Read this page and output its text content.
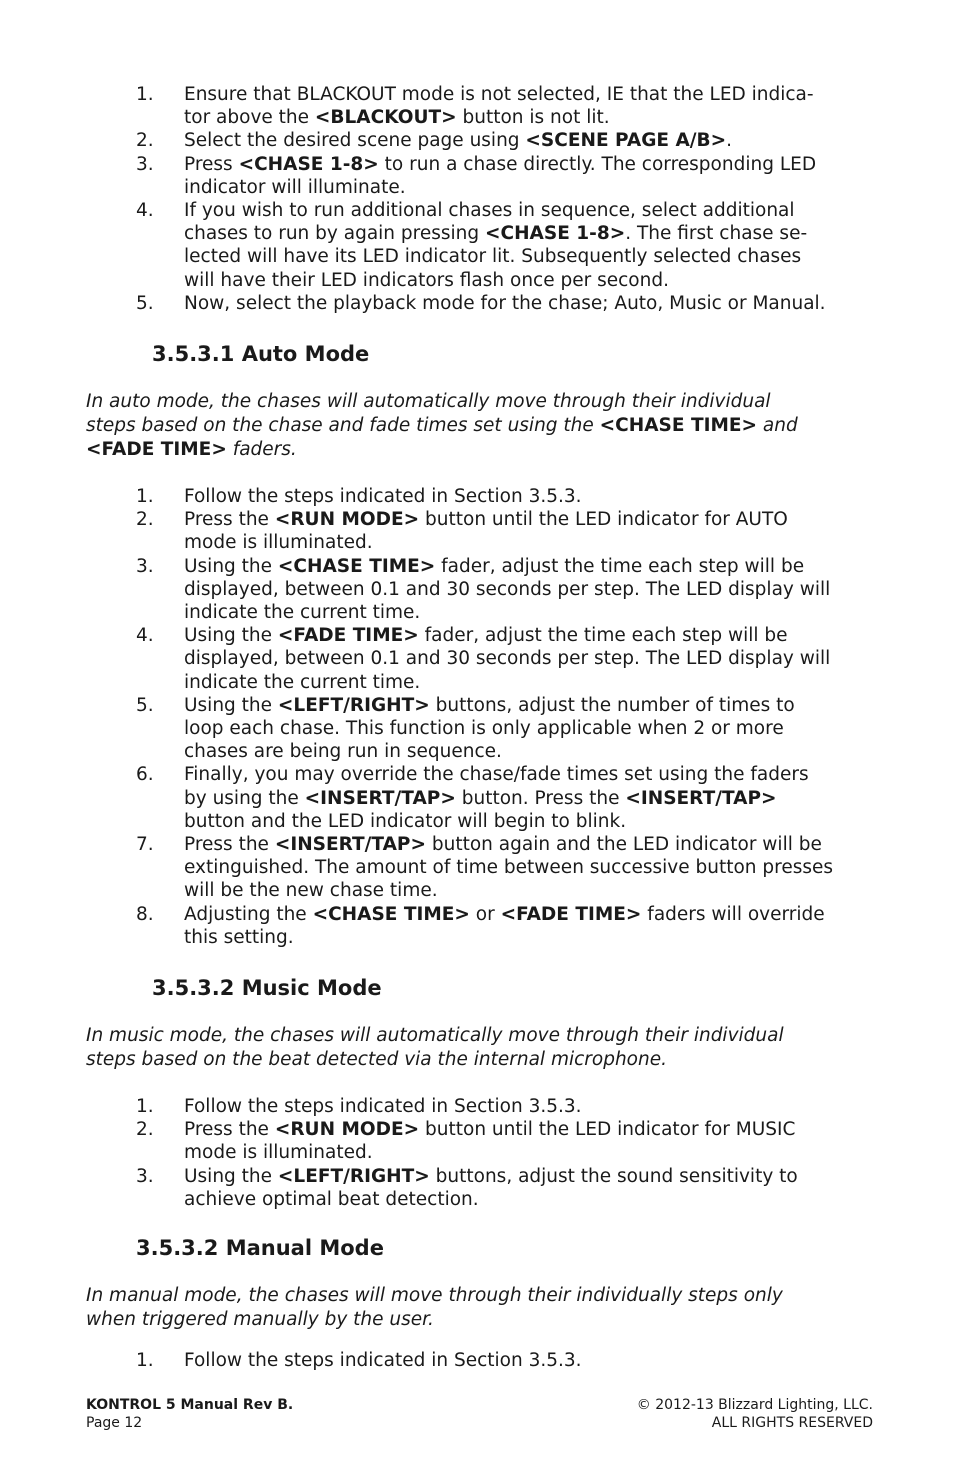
1.	Ensure that BLACKOUT mode is not selected, IE that the LED indica-
tor above the <BLACKOUT> button is not lit.
2.	Select the desired scene page using <SCENE PAGE A/B>.
3.	Press <CHASE 1-8> to run a chase directly. The corresponding LED
indicator will illuminate.
4.	If you wish to run additional chases in sequence, select additional
chases to run by again pressing <CHASE 1-8>. The first chase se-
lected will have its LED indicator lit. Subsequently selected chases
will have their LED indicators flash once per second.
5.	Now, select the playback mode for the chase; Auto, Music or Manual.
3.5.3.1 Auto Mode

In auto mode, the chases will automatically move through their individual
steps based on the chase and fade times set using the <CHASE TIME> and
<FADE TIME> faders.

1.	Follow the steps indicated in Section 3.5.3.
2.	Press the <RUN MODE> button until the LED indicator for AUTO
mode is illuminated.
3.	Using the <CHASE TIME> fader, adjust the time each step will be
displayed, between 0.1 and 30 seconds per step. The LED display will
indicate the current time.
4.	Using the <FADE TIME> fader, adjust the time each step will be
displayed, between 0.1 and 30 seconds per step. The LED display will
indicate the current time.
5.	Using the <LEFT/RIGHT> buttons, adjust the number of times to
loop each chase. This function is only applicable when 2 or more
chases are being run in sequence.
6.	Finally, you may override the chase/fade times set using the faders
by using the <INSERT/TAP> button. Press the <INSERT/TAP>
button and the LED indicator will begin to blink.
7.	Press the <INSERT/TAP> button again and the LED indicator will be
extinguished. The amount of time between successive button presses
will be the new chase time.
8.	Adjusting the <CHASE TIME> or <FADE TIME> faders will override
this setting.
3.5.3.2 Music Mode

In music mode, the chases will automatically move through their individual
steps based on the beat detected via the internal microphone.

1.	Follow the steps indicated in Section 3.5.3.
2.	Press the <RUN MODE> button until the LED indicator for MUSIC
mode is illuminated.
3.	Using the <LEFT/RIGHT> buttons, adjust the sound sensitivity to
achieve optimal beat detection.
3.5.3.2 Manual Mode

In manual mode, the chases will move through their individually steps only
when triggered manually by the user.

1.	Follow the steps indicated in Section 3.5.3.
KONTROL 5 Manual Rev B.
Page 12
© 2012-13 Blizzard Lighting, LLC.
ALL RIGHTS RESERVED
